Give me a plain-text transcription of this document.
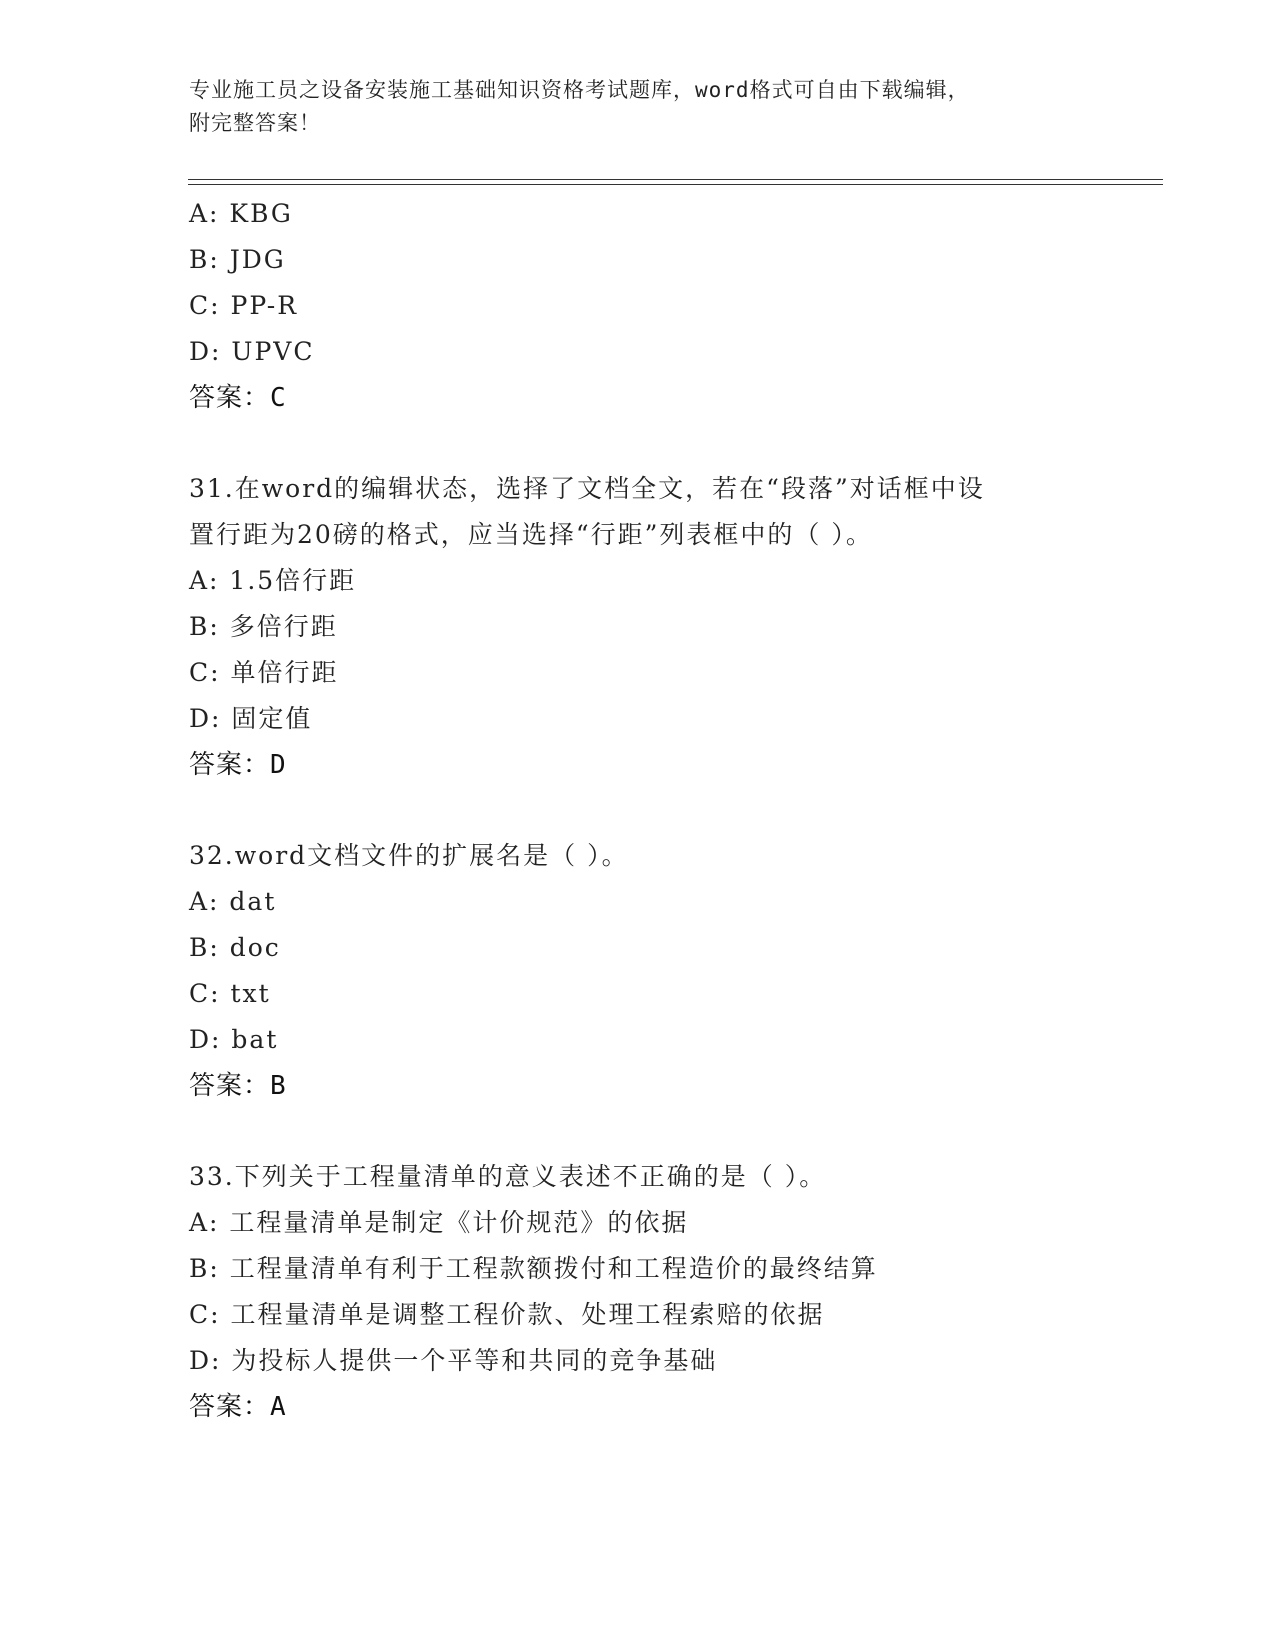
专业施工员之设备安装施工基础知识资格考试题库，word格式可自由下载编辑，
附完整答案！
A: KBG
B: JDG
C: PP-R
D: UPVC
答案：C
31.在word的编辑状态，选择了文档全文，若在“段落”对话框中设
置行距为20磅的格式，应当选择“行距”列表框中的（ ）。
A: 1.5倍行距
B: 多倍行距
C: 单倍行距
D: 固定值
答案：D
32.word文档文件的扩展名是（ ）。
A: dat
B: doc
C: txt
D: bat
答案：B
33.下列关于工程量清单的意义表述不正确的是（ ）。
A: 工程量清单是制定《计价规范》的依据
B: 工程量清单有利于工程款额拨付和工程造价的最终结算
C: 工程量清单是调整工程价款、处理工程索赔的依据
D: 为投标人提供一个平等和共同的竞争基础
答案：A
